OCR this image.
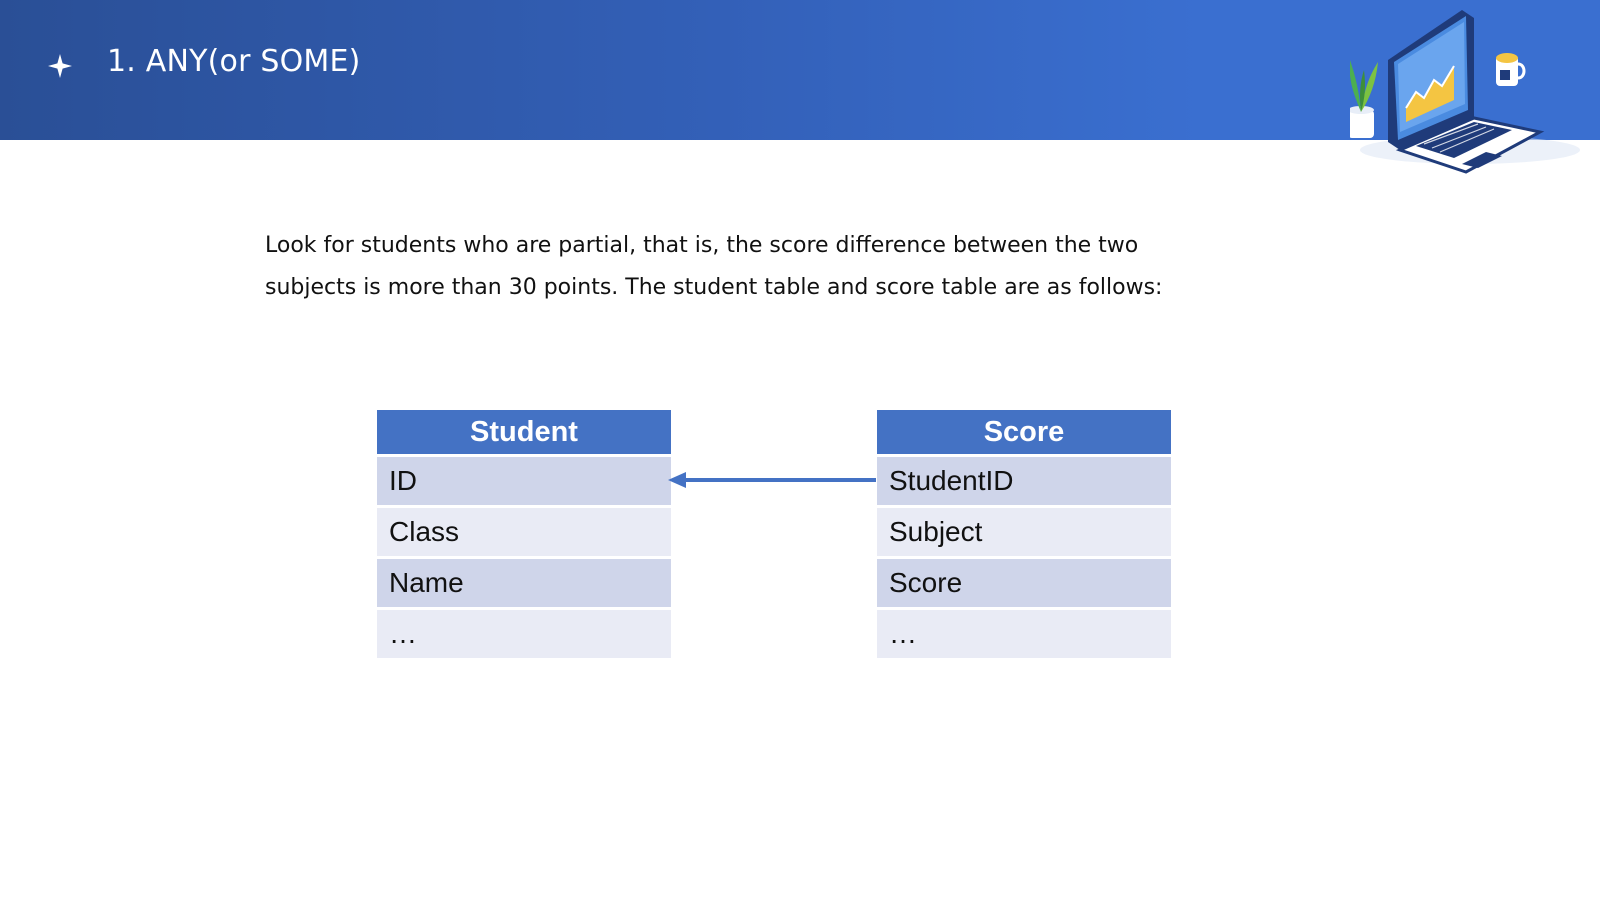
1. ANY(or SOME)
Look for students who are partial, that is, the score difference between the two
subjects is more than 30 points. The student table and score table are as follows:
Student
ID
Class
Name
…
Score
StudentID
Subject
Score
…
